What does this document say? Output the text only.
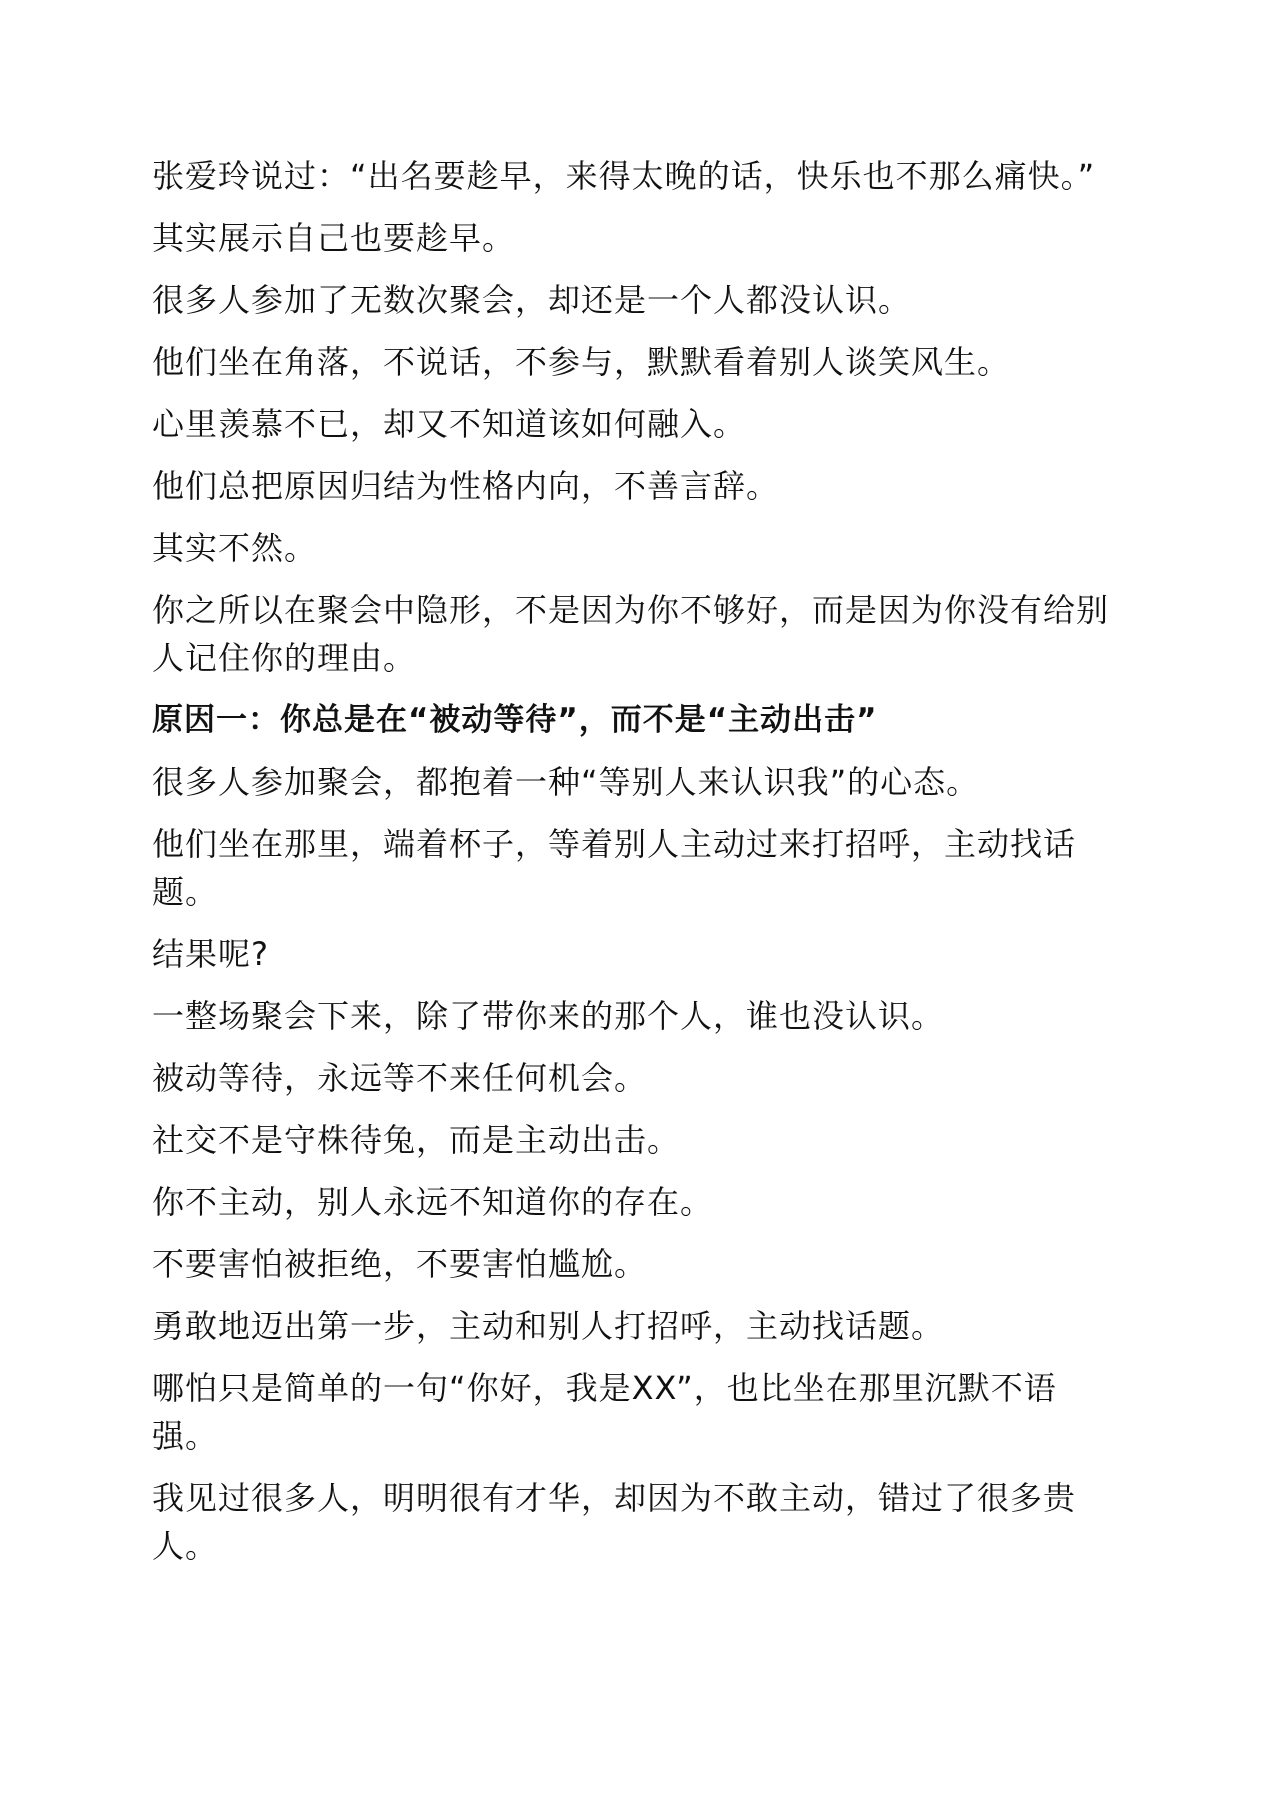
张爱玲说过：“出名要趁早，来得太晚的话，快乐也不那么痛快。”

其实展示自己也要趁早。

很多人参加了无数次聚会，却还是一个人都没认识。

他们坐在角落，不说话，不参与，默默看着别人谈笑风生。

心里羡慕不已，却又不知道该如何融入。

他们总把原因归结为性格内向，不善言辞。

其实不然。

你之所以在聚会中隐形，不是因为你不够好，而是因为你没有给别人记住你的理由。

原因一：你总是在“被动等待”，而不是“主动出击”

很多人参加聚会，都抱着一种“等别人来认识我”的心态。

他们坐在那里，端着杯子，等着别人主动过来打招呼，主动找话题。

结果呢?

一整场聚会下来，除了带你来的那个人，谁也没认识。

被动等待，永远等不来任何机会。

社交不是守株待兔，而是主动出击。

你不主动，别人永远不知道你的存在。

不要害怕被拒绝，不要害怕尴尬。

勇敢地迈出第一步，主动和别人打招呼，主动找话题。

哪怕只是简单的一句“你好，我是XX”，也比坐在那里沉默不语强。

我见过很多人，明明很有才华，却因为不敢主动，错过了很多贵人。
